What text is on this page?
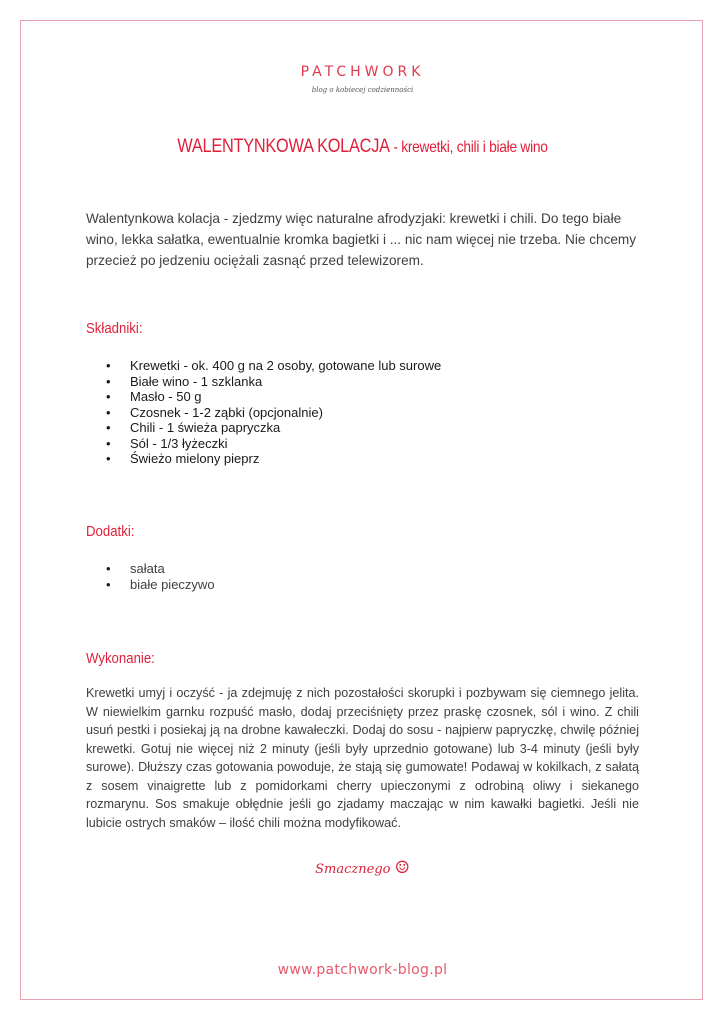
PATCHWORK
blog o kobiecej codzienności
WALENTYNKOWA KOLACJA - krewetki, chili i białe wino
Walentynkowa kolacja - zjedzmy więc naturalne afrodyzjaki: krewetki i chili. Do tego białe wino, lekka sałatka, ewentualnie kromka bagietki i ... nic nam więcej nie trzeba. Nie chcemy przecież po jedzeniu ociężali zasnąć przed telewizorem.
Składniki:
• Krewetki - ok. 400 g na 2 osoby, gotowane lub surowe
• Białe wino - 1 szklanka
• Masło - 50 g
• Czosnek - 1-2 ząbki (opcjonalnie)
• Chili - 1 świeża papryczka
• Sól - 1/3 łyżeczki
• Świeżo mielony pieprz
Dodatki:
• sałata
• białe pieczywo
Wykonanie:
Krewetki umyj i oczyść - ja zdejmuję z nich pozostałości skorupki i pozbywam się ciemnego jelita. W niewielkim garnku rozpuść masło, dodaj przeciśnięty przez praskę czosnek, sól i wino. Z chili usuń pestki i posiekaj ją na drobne kawałeczki. Dodaj do sosu - najpierw papryczkę, chwilę później krewetki. Gotuj nie więcej niż 2 minuty (jeśli były uprzednio gotowane) lub 3-4 minuty (jeśli były surowe). Dłuższy czas gotowania powoduje, że stają się gumowate! Podawaj w kokilkach, z sałatą z sosem vinaigrette lub z pomidorkami cherry upieczonymi z odrobiną oliwy i siekanego rozmarynu. Sos smakuje obłędnie jeśli go zjadamy maczając w nim kawałki bagietki. Jeśli nie lubicie ostrych smaków – ilość chili można modyfikować.
Smacznego ☺
www.patchwork-blog.pl
